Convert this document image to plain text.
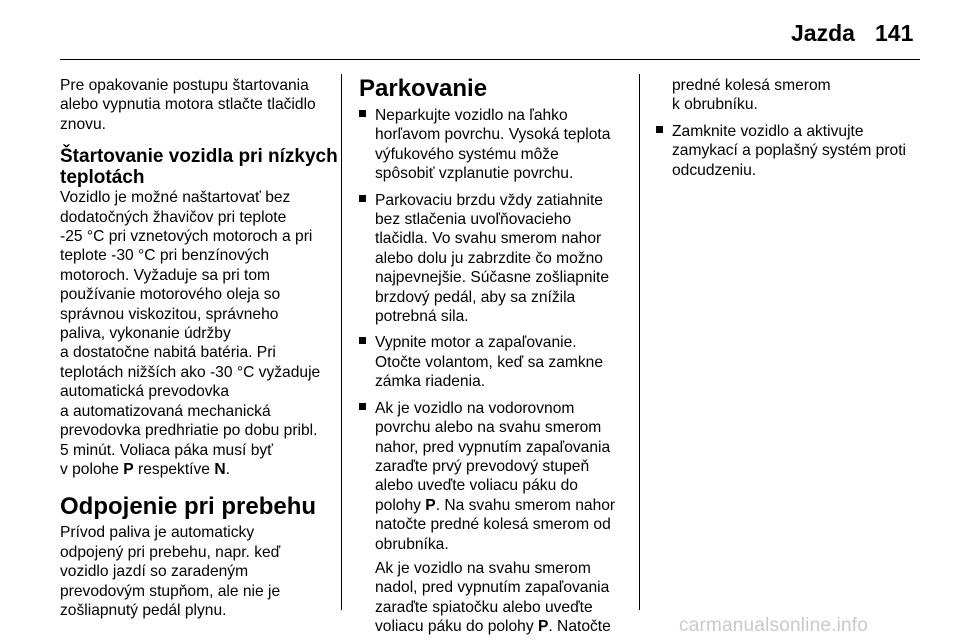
Jazda 141

Pre opakovanie postupu štartovania
alebo vypnutia motora stlačte tlačidlo
znovu.

Štartovanie vozidla pri nízkych
teplotách

Vozidlo je možné naštartovať bez
dodatočných žhavičov pri teplote
-25 °C pri vznetových motoroch a pri
teplote -30 °C pri benzínových
motoroch. Vyžaduje sa pri tom
používanie motorového oleja so
správnou viskozitou, správneho
paliva, vykonanie údržby
a dostatočne nabitá batéria. Pri
teplotách nižších ako -30 °C vyžaduje
automatická prevodovka
a automatizovaná mechanická
prevodovka predhriatie po dobu pribl.
5 minút. Voliaca páka musí byť
v polohe P respektíve N.

Odpojenie pri prebehu

Prívod paliva je automaticky
odpojený pri prebehu, napr. keď
vozidlo jazdí so zaradeným
prevodovým stupňom, ale nie je
zošliapnutý pedál plynu.

Parkovanie
Neparkujte vozidlo na ľahko
horľavom povrchu. Vysoká teplota
výfukového systému môže
spôsobiť vzplanutie povrchu.
Parkovaciu brzdu vždy zatiahnite
bez stlačenia uvoľňovacieho
tlačidla. Vo svahu smerom nahor
alebo dolu ju zabrzdite čo možno
najpevnejšie. Súčasne zošliapnite
brzdový pedál, aby sa znížila
potrebná sila.
Vypnite motor a zapaľovanie.
Otočte volantom, keď sa zamkne
zámka riadenia.
Ak je vozidlo na vodorovnom
povrchu alebo na svahu smerom
nahor, pred vypnutím zapaľovania
zaraďte prvý prevodový stupeň
alebo uveďte voliacu páku do
polohy P. Na svahu smerom nahor
natočte predné kolesá smerom od
obrubníka.

Ak je vozidlo na svahu smerom
nadol, pred vypnutím zapaľovania
zaraďte spiatočku alebo uveďte
voliacu páku do polohy P. Natočte

predné kolesá smerom
k obrubníku.

Zamknite vozidlo a aktivujte
zamykací a poplašný systém proti
odcudzeniu.
carmanualsonline.info
